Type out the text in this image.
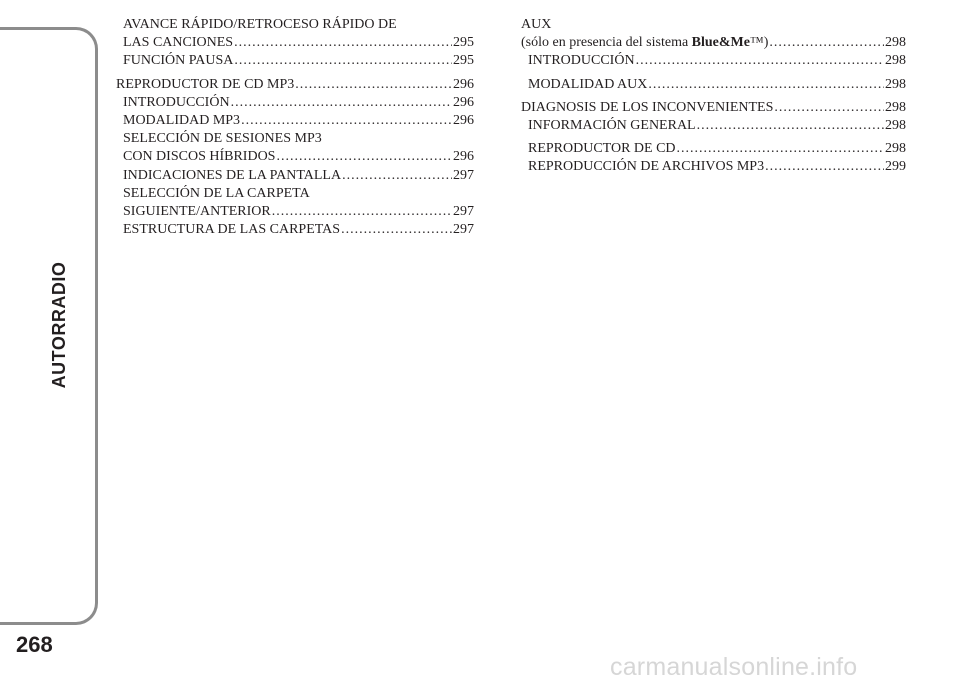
AUTORRADIO
268
AVANCE RÁPIDO/RETROCESO RÁPIDO DE
LAS CANCIONES .....	295
FUNCIÓN PAUSA .....	295
REPRODUCTOR DE CD MP3 .....	296
INTRODUCCIÓN .....	296
MODALIDAD MP3 .....	296
SELECCIÓN DE SESIONES MP3
CON DISCOS HÍBRIDOS .....	296
INDICACIONES DE LA PANTALLA .....	297
SELECCIÓN DE LA CARPETA
SIGUIENTE/ANTERIOR .....	297
ESTRUCTURA DE LAS CARPETAS .....	297
AUX
(sólo en presencia del sistema Blue&Me™) .....	298
INTRODUCCIÓN .....	298
MODALIDAD AUX .....	298
DIAGNOSIS DE LOS INCONVENIENTES .....	298
INFORMACIÓN GENERAL .....	298
REPRODUCTOR DE CD .....	298
REPRODUCCIÓN DE ARCHIVOS MP3 .....	299
carmanualsonline.info
